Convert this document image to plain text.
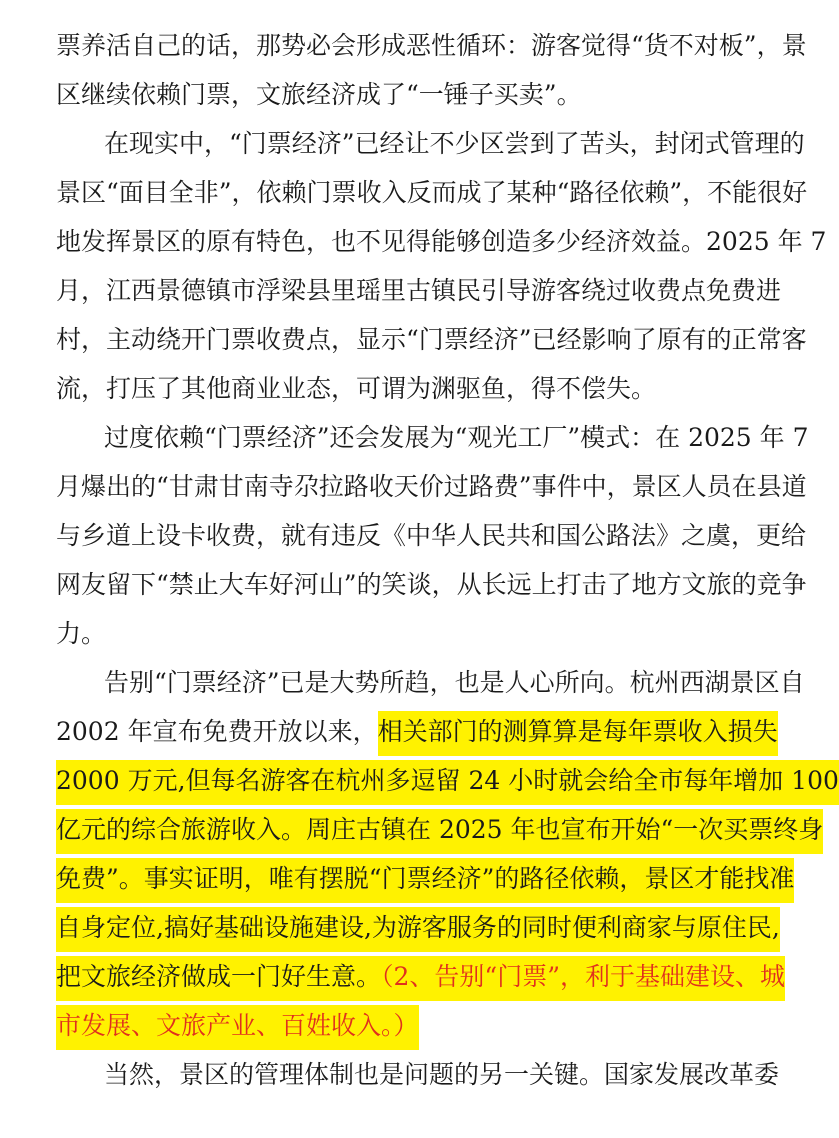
票养活自己的话，那势必会形成恶性循环：游客觉得“货不对板”，景
区继续依赖门票，文旅经济成了“一锤子买卖”。
在现实中，“门票经济”已经让不少区尝到了苦头，封闭式管理的
景区“面目全非”，依赖门票收入反而成了某种“路径依赖”，不能很好
地发挥景区的原有特色，也不见得能够创造多少经济效益。2025 年 7
月，江西景德镇市浮梁县里瑶里古镇民引导游客绕过收费点免费进
村，主动绕开门票收费点，显示“门票经济”已经影响了原有的正常客
流，打压了其他商业业态，可谓为渊驱鱼，得不偿失。
过度依赖“门票经济”还会发展为“观光工厂”模式：在 2025 年 7
月爆出的“甘肃甘南寺尕拉路收天价过路费”事件中，景区人员在县道
与乡道上设卡收费，就有违反《中华人民共和国公路法》之虞，更给
网友留下“禁止大车好河山”的笑谈，从长远上打击了地方文旅的竞争
力。
告别“门票经济”已是大势所趋，也是人心所向。杭州西湖景区自
2002 年宣布免费开放以来，相关部门的测算算是每年票收入损失
2000 万元,但每名游客在杭州多逗留 24 小时就会给全市每年增加 100
亿元的综合旅游收入。周庄古镇在 2025 年也宣布开始“一次买票终身
免费”。事实证明，唯有摆脱“门票经济”的路径依赖，景区才能找准
自身定位,搞好基础设施建设,为游客服务的同时便利商家与原住民,
把文旅经济做成一门好生意。（2、告别“门票”，利于基础建设、城
市发展、文旅产业、百姓收入。）
当然，景区的管理体制也是问题的另一关键。国家发展改革委
